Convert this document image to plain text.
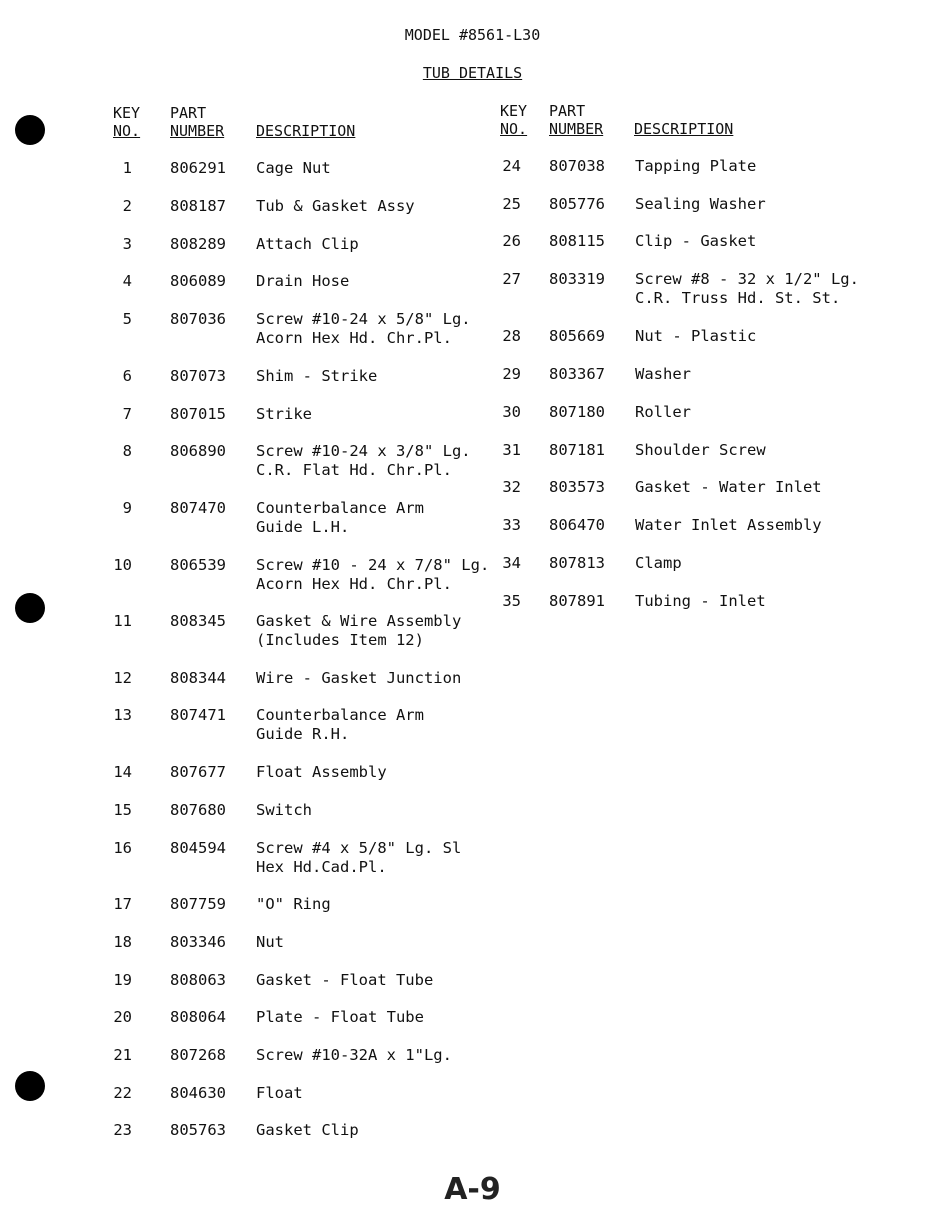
MODEL #8561-L30
TUB DETAILS
KEY
NO.
PART
NUMBER DESCRIPTION
KEY
NO.
PART
NUMBER DESCRIPTION
1 806291 Cage Nut
2 808187 Tub & Gasket Assy
3 808289 Attach Clip
4 806089 Drain Hose
5 807036 Screw #10-24 x 5/8" Lg.
Acorn Hex Hd. Chr.Pl.
6 807073 Shim - Strike
7 807015 Strike
8 806890 Screw #10-24 x 3/8" Lg.
C.R. Flat Hd. Chr.Pl.
9 807470 Counterbalance Arm
Guide L.H.
10 806539 Screw #10 - 24 x 7/8" Lg.
Acorn Hex Hd. Chr.Pl.
11 808345 Gasket & Wire Assembly
(Includes Item 12)
12 808344 Wire - Gasket Junction
13 807471 Counterbalance Arm
Guide R.H.
14 807677 Float Assembly
15 807680 Switch
16 804594 Screw #4 x 5/8" Lg. Sl
Hex Hd.Cad.Pl.
17 807759 "O" Ring
18 803346 Nut
19 808063 Gasket - Float Tube
20 808064 Plate - Float Tube
21 807268 Screw #10-32A x 1"Lg.
22 804630 Float
23 805763 Gasket Clip
24 807038 Tapping Plate
25 805776 Sealing Washer
26 808115 Clip - Gasket
27 803319 Screw #8 - 32 x 1/2" Lg.
C.R. Truss Hd. St. St.
28 805669 Nut - Plastic
29 803367 Washer
30 807180 Roller
31 807181 Shoulder Screw
32 803573 Gasket - Water Inlet
33 806470 Water Inlet Assembly
34 807813 Clamp
35 807891 Tubing - Inlet
A-9
